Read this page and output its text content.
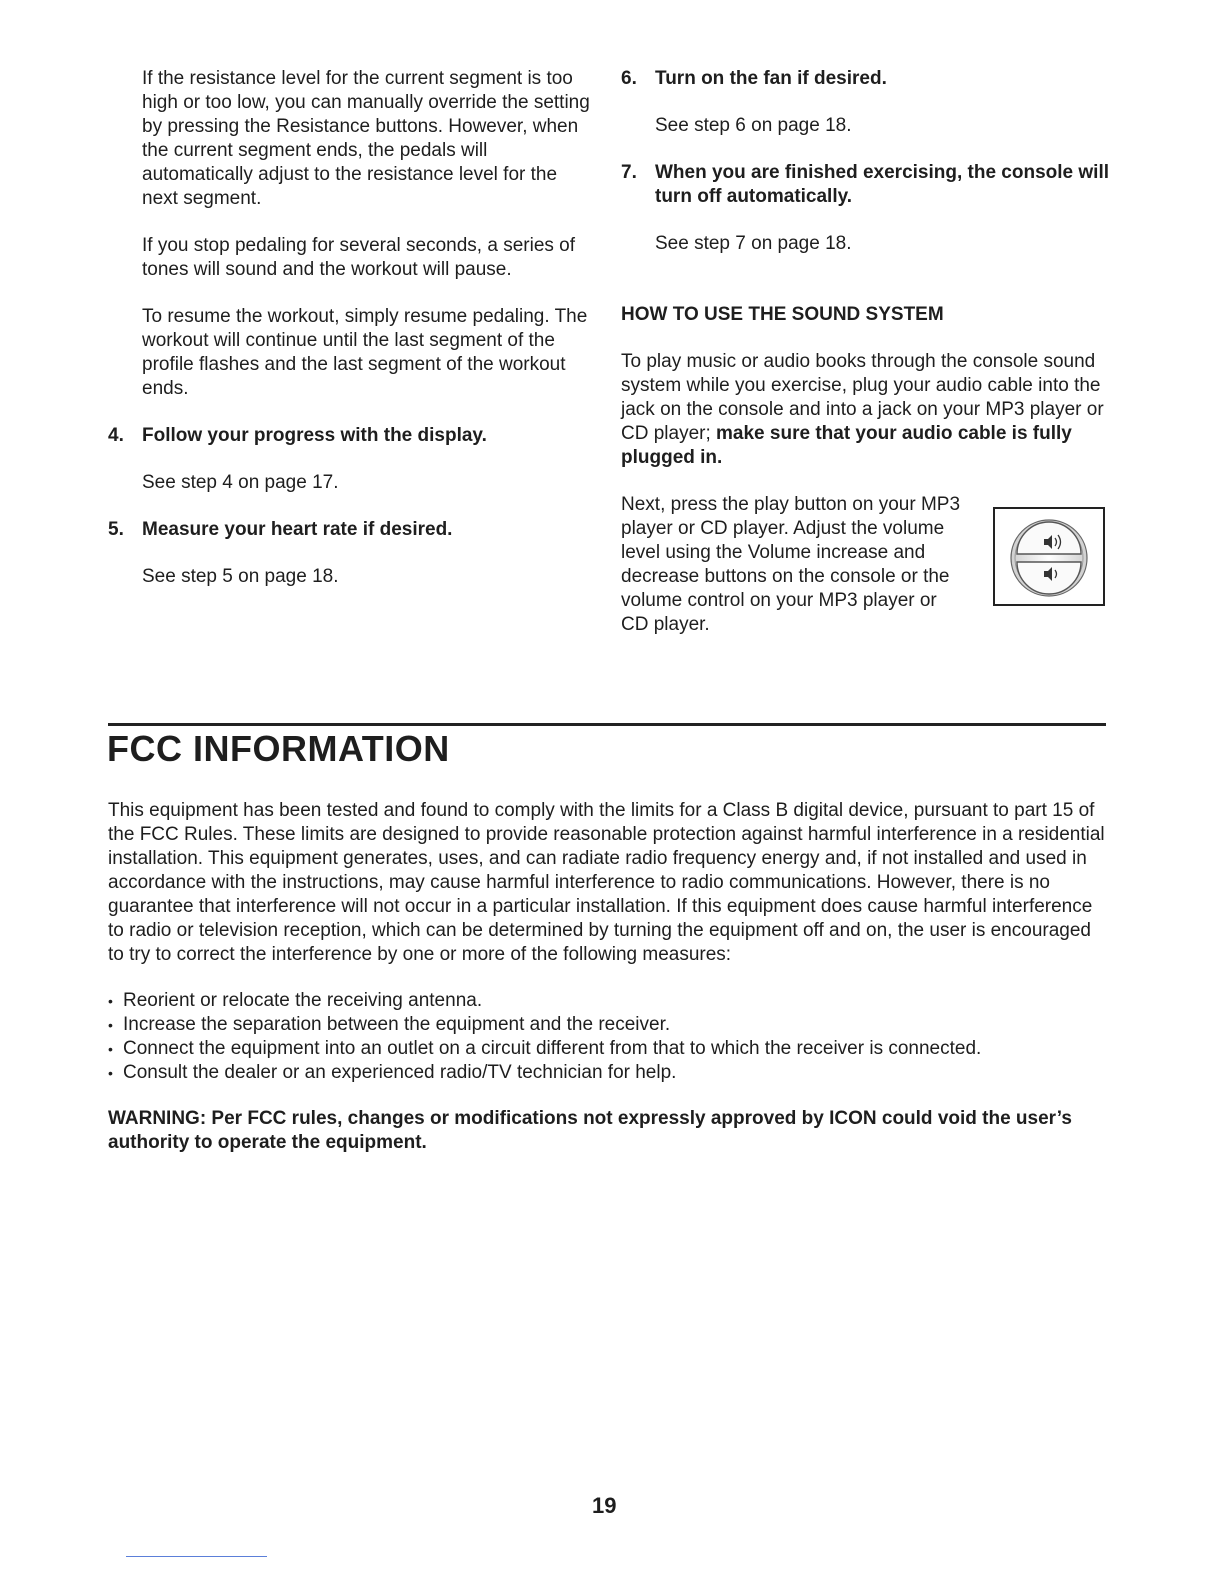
If the resistance level for the current segment is too high or too low, you can manually override the setting by pressing the Resistance buttons. However, when the current segment ends, the pedals will automatically adjust to the resistance level for the next segment.

If you stop pedaling for several seconds, a series of tones will sound and the workout will pause.

To resume the workout, simply resume pedaling. The workout will continue until the last segment of the profile flashes and the last segment of the workout ends.

4. Follow your progress with the display.

See step 4 on page 17.

5. Measure your heart rate if desired.

See step 5 on page 18.

6. Turn on the fan if desired.

See step 6 on page 18.

7. When you are finished exercising, the console will turn off automatically.

See step 7 on page 18.

HOW TO USE THE SOUND SYSTEM

To play music or audio books through the console sound system while you exercise, plug your audio cable into the jack on the console and into a jack on your MP3 player or CD player; make sure that your audio cable is fully plugged in.

Next, press the play button on your MP3 player or CD player. Adjust the volume level using the Volume increase and decrease buttons on the console or the volume control on your MP3 player or CD player.

FCC INFORMATION

This equipment has been tested and found to comply with the limits for a Class B digital device, pursuant to part 15 of the FCC Rules. These limits are designed to provide reasonable protection against harmful interference in a residential installation. This equipment generates, uses, and can radiate radio frequency energy and, if not installed and used in accordance with the instructions, may cause harmful interference to radio communications. However, there is no guarantee that interference will not occur in a particular installation. If this equipment does cause harmful interference to radio or television reception, which can be determined by turning the equipment off and on, the user is encouraged to try to correct the interference by one or more of the following measures:

• Reorient or relocate the receiving antenna.
• Increase the separation between the equipment and the receiver.
• Connect the equipment into an outlet on a circuit different from that to which the receiver is connected.
• Consult the dealer or an experienced radio/TV technician for help.

WARNING: Per FCC rules, changes or modifications not expressly approved by ICON could void the user’s authority to operate the equipment.

19
